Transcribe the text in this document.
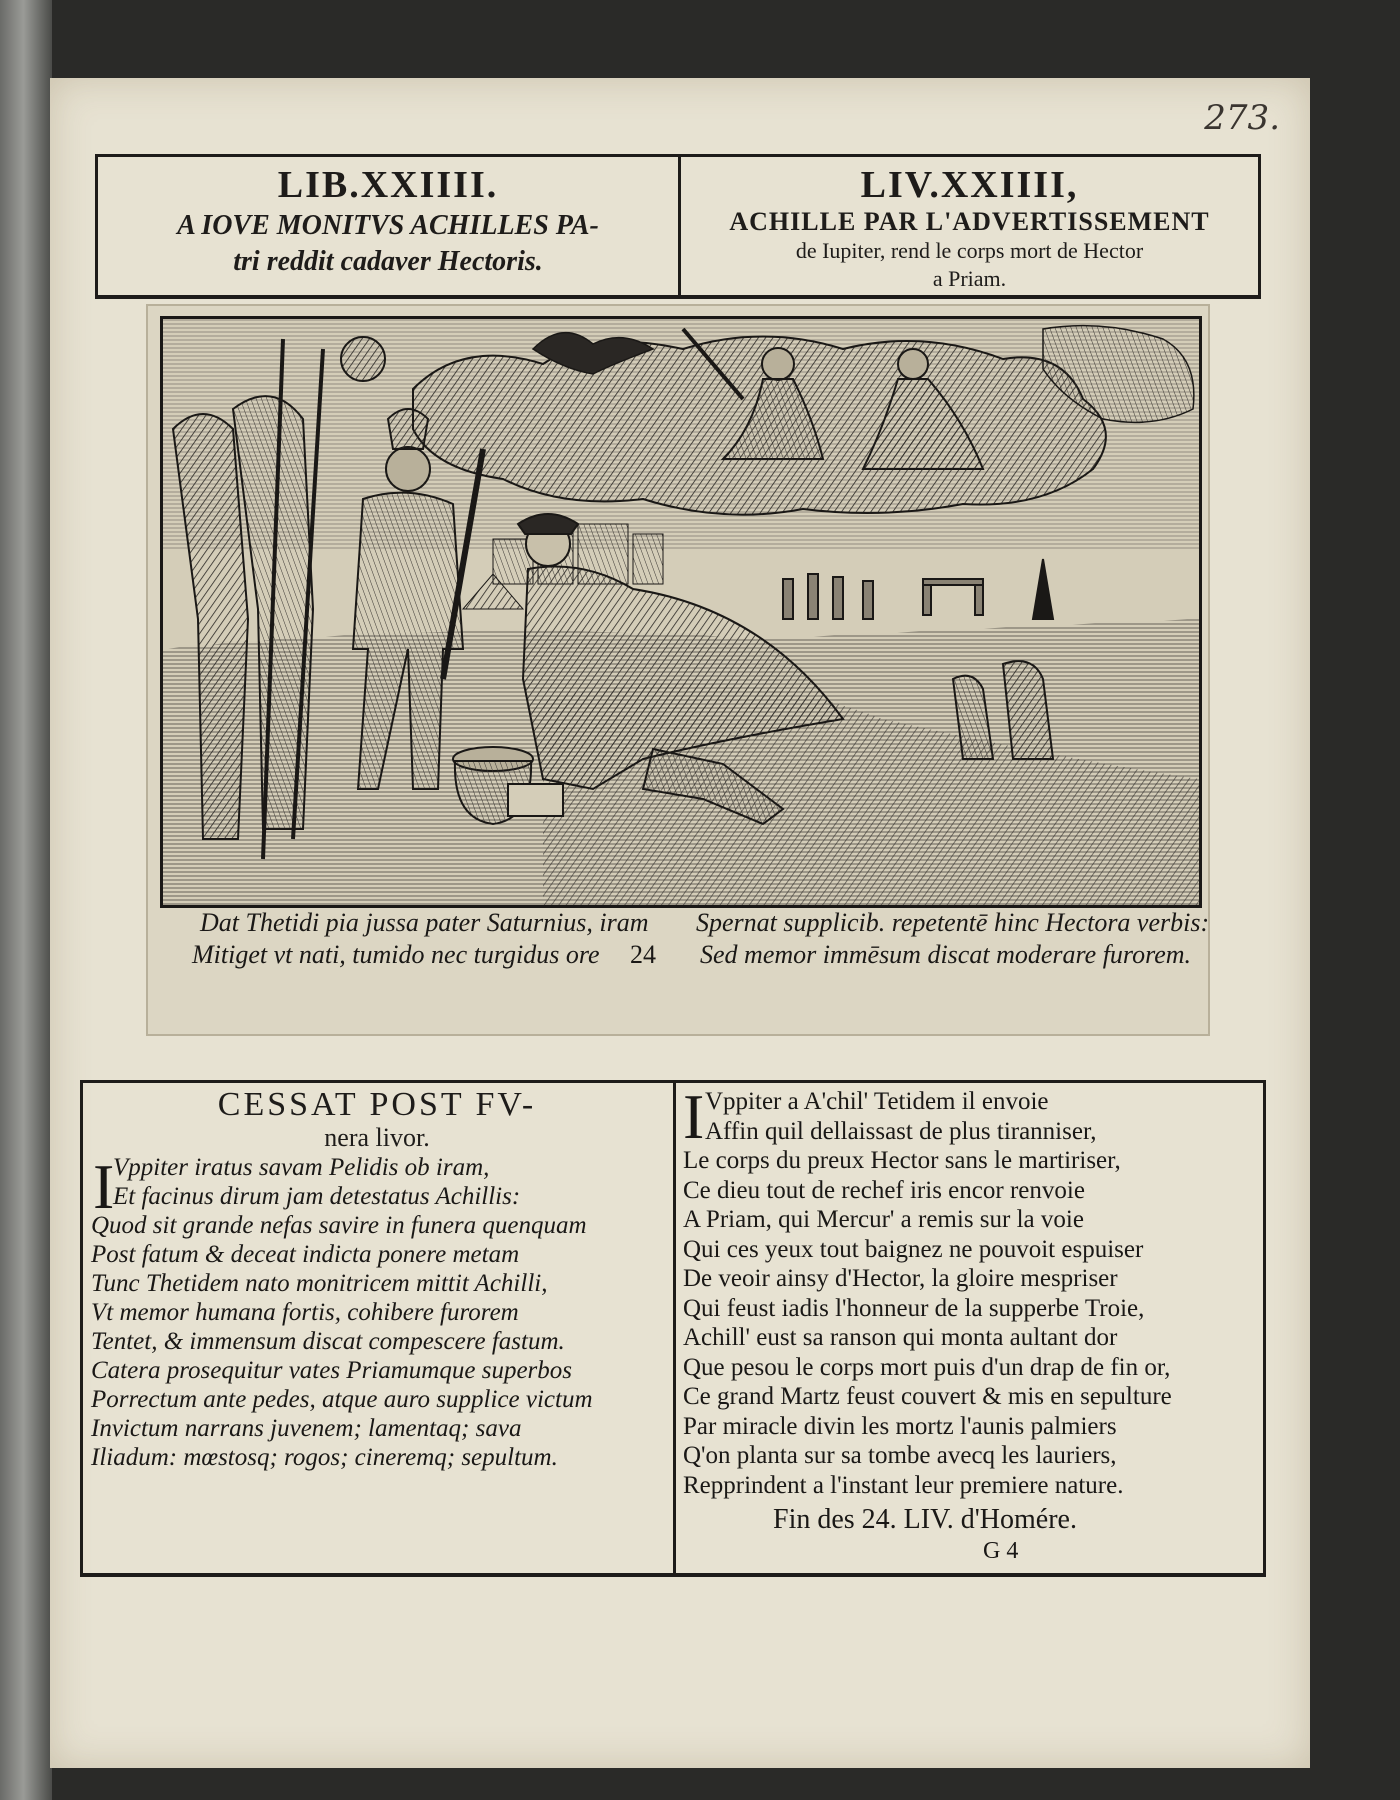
273.
LIB.XXIIII.
A IOVE MONITVS ACHILLES PA-
tri reddit cadaver Hectoris.
LIV.XXIIII,
ACHILLE PAR L'ADVERTISSEMENT
de Iupiter, rend le corps mort de Hector
a Priam.
Dat Thetidi pia jussa pater Saturnius, iram
Mitiget vt nati, tumido nec turgidus ore 24
Spernat supplicib. repetentē hinc Hectora verbis:
Sed memor immēsum discat moderare furorem.
CESSAT POST FV-
nera livor.
I
Vppiter iratus savam Pelidis ob iram,
Et facinus dirum jam detestatus Achillis:
Quod sit grande nefas savire in funera quenquam
Post fatum & deceat indicta ponere metam
Tunc Thetidem nato monitricem mittit Achilli,
Vt memor humana fortis, cohibere furorem
Tentet, & immensum discat compescere fastum.
Catera prosequitur vates Priamumque superbos
Porrectum ante pedes, atque auro supplice victum
Invictum narrans juvenem; lamentaq; sava
Iliadum: mœstosq; rogos; cineremq; sepultum.
I Vppiter a A'chil' Tetidem il envoie
Affin quil dellaissast de plus tiranniser,
Le corps du preux Hector sans le martiriser,
Ce dieu tout de rechef iris encor renvoie
A Priam, qui Mercur' a remis sur la voie
Qui ces yeux tout baignez ne pouvoit espuiser
De veoir ainsy d'Hector, la gloire mespriser
Qui feust iadis l'honneur de la supperbe Troie,
Achill' eust sa ranson qui monta aultant dor
Que pesou le corps mort puis d'un drap de fin or,
Ce grand Martz feust couvert & mis en sepulture
Par miracle divin les mortz l'aunis palmiers
Q'on planta sur sa tombe avecq les lauriers,
Repprindent a l'instant leur premiere nature.
Fin des 24. LIV. d'Homére.
G 4
